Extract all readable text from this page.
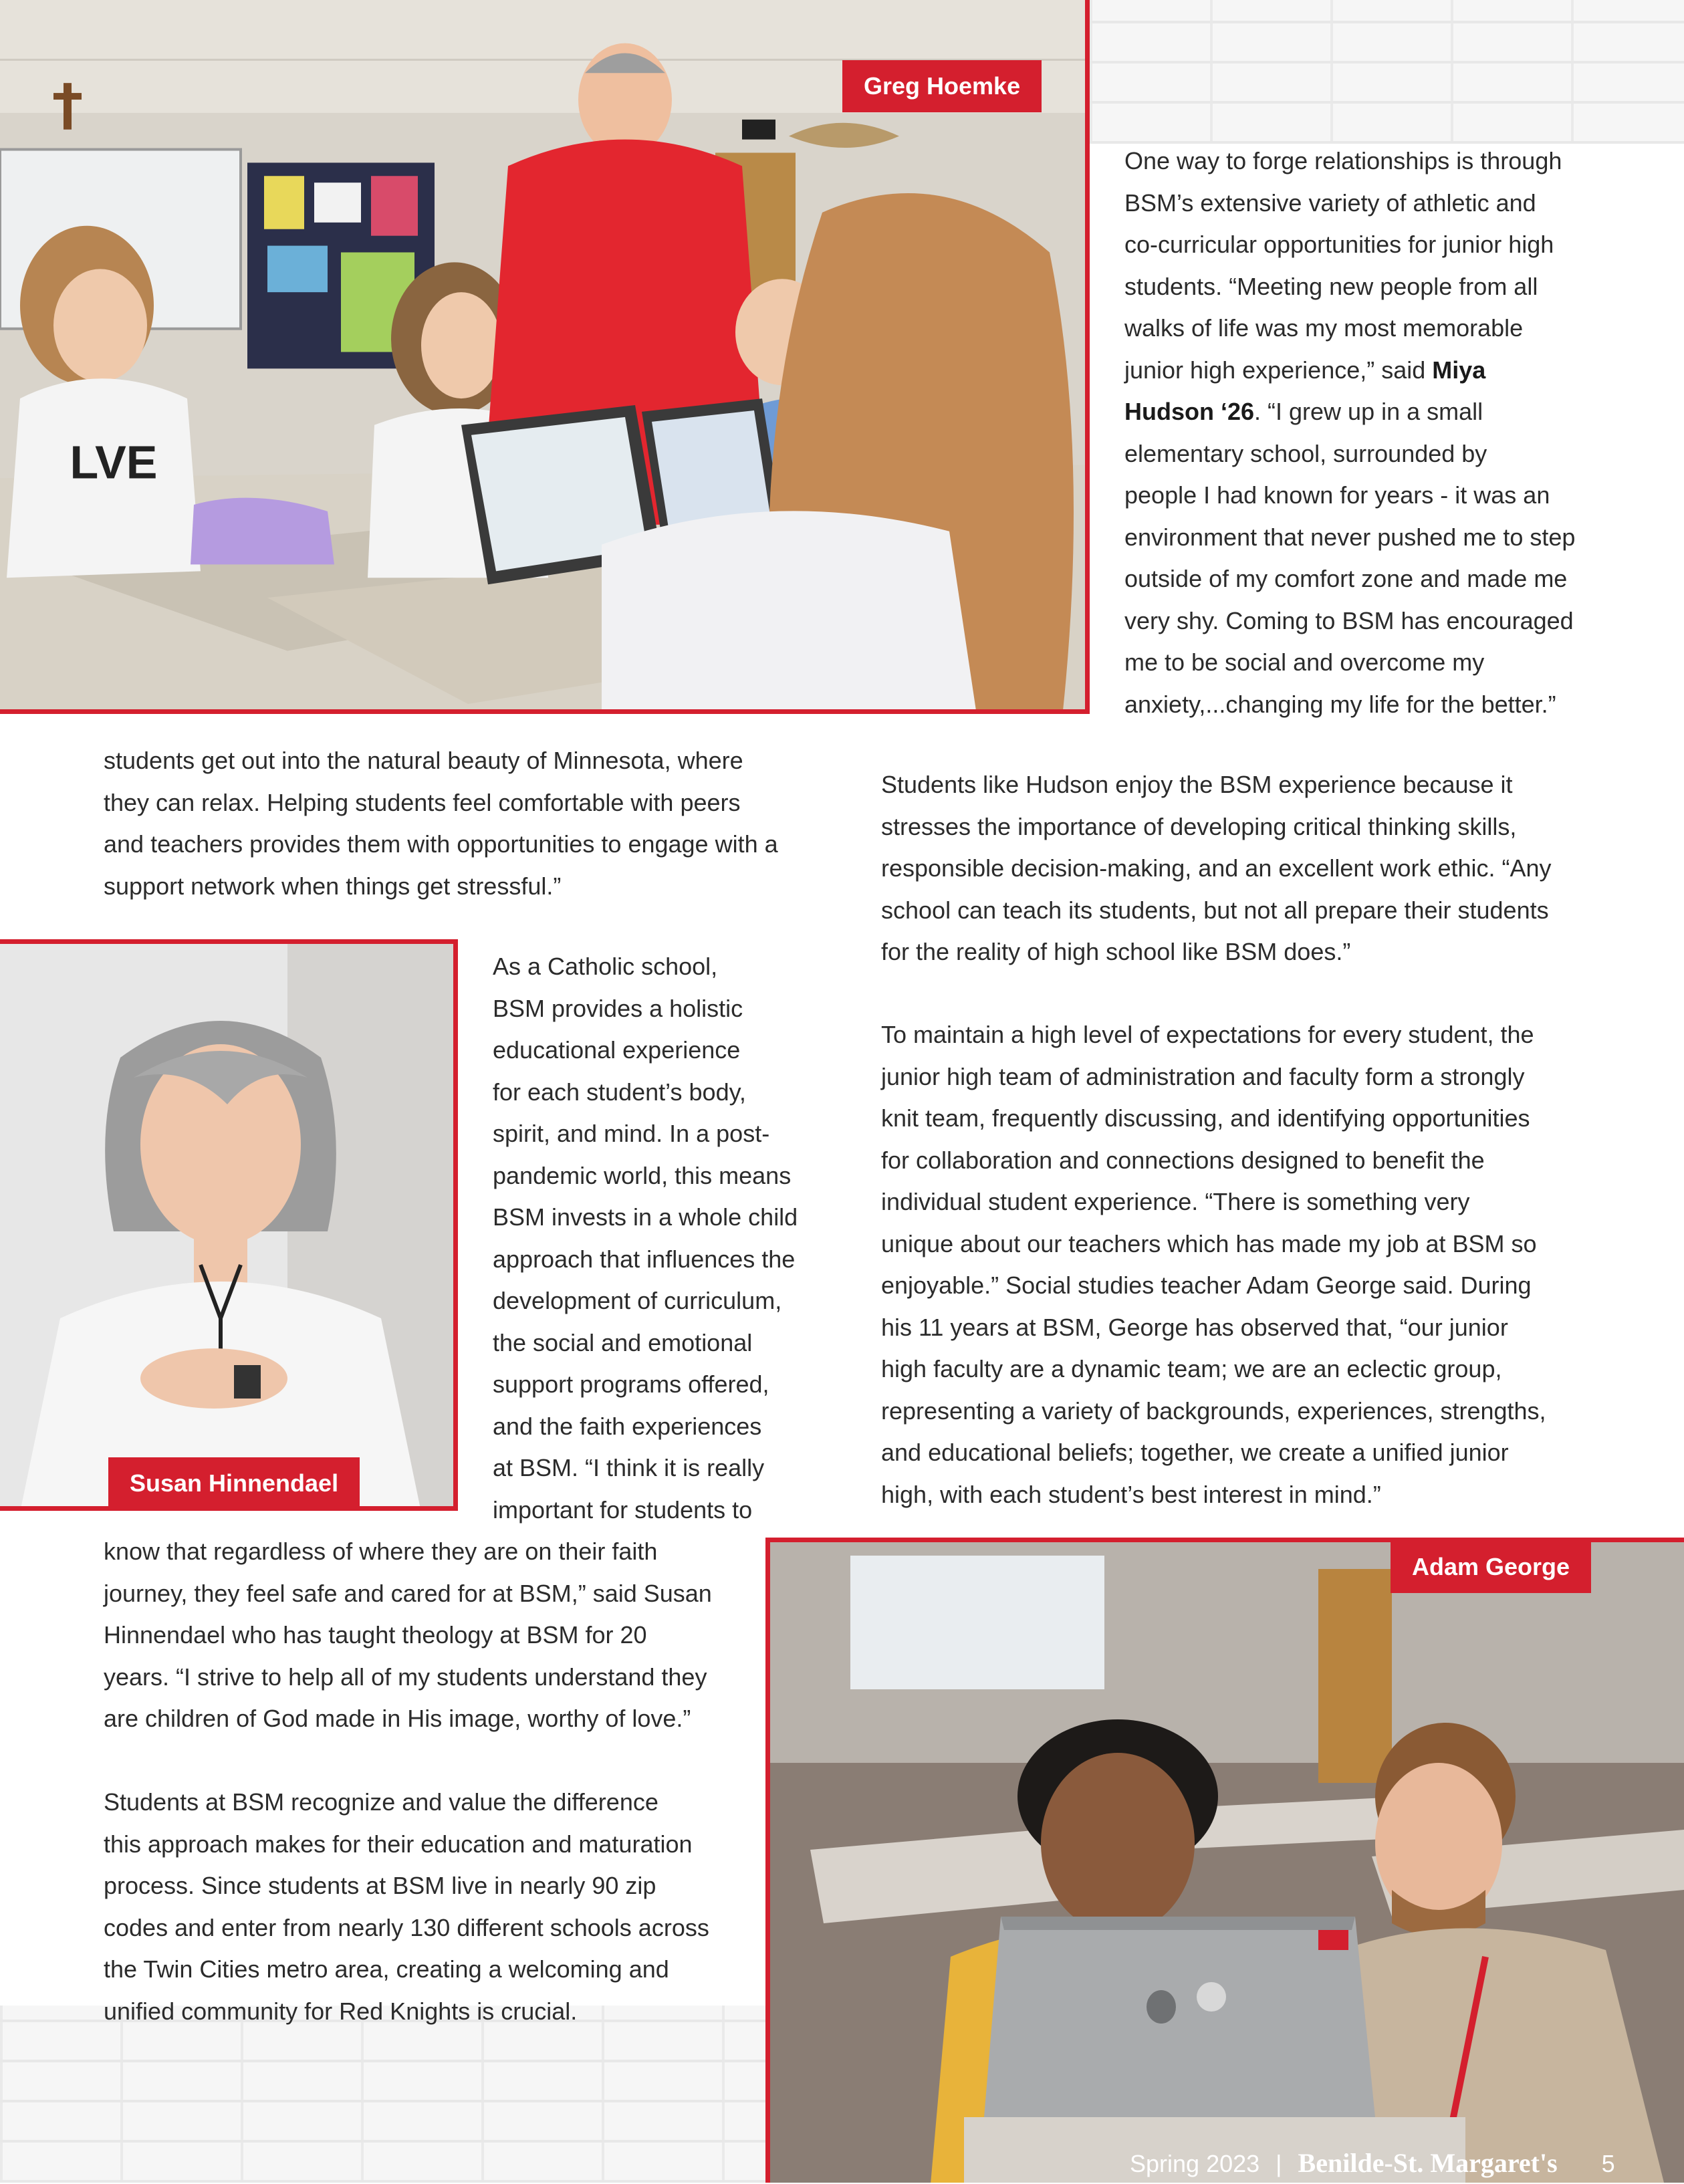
LVE
Greg Hoemke

One way to forge relationships is through
BSM’s extensive variety of athletic and
co-curricular opportunities for junior high
students. “Meeting new people from all
walks of life was my most memorable
junior high experience,” said Miya
Hudson ‘26. “I grew up in a small
elementary school, surrounded by
people I had known for years - it was an
environment that never pushed me to step
outside of my comfort zone and made me
very shy. Coming to BSM has encouraged
me to be social and overcome my
anxiety,...changing my life for the better.”

students get out into the natural beauty of Minnesota, where
they can relax. Helping students feel comfortable with peers
and teachers provides them with opportunities to engage with a
support network when things get stressful.”

Susan Hinnendael

As a Catholic school,
BSM provides a holistic
educational experience
for each student’s body,
spirit, and mind. In a post-
pandemic world, this means
BSM invests in a whole child
approach that influences the
development of curriculum,
the social and emotional
support programs offered,
and the faith experiences
at BSM. “I think it is really
important for students to

know that regardless of where they are on their faith
journey, they feel safe and cared for at BSM,” said Susan
Hinnendael who has taught theology at BSM for 20
years. “I strive to help all of my students understand they
are children of God made in His image, worthy of love.”

Students at BSM recognize and value the difference
this approach makes for their education and maturation
process. Since students at BSM live in nearly 90 zip
codes and enter from nearly 130 different schools across
the Twin Cities metro area, creating a welcoming and
unified community for Red Knights is crucial.

Students like Hudson enjoy the BSM experience because it
stresses the importance of developing critical thinking skills,
responsible decision-making, and an excellent work ethic. “Any
school can teach its students, but not all prepare their students
for the reality of high school like BSM does.”

To maintain a high level of expectations for every student, the
junior high team of administration and faculty form a strongly
knit team, frequently discussing, and identifying opportunities
for collaboration and connections designed to benefit the
individual student experience. “There is something very
unique about our teachers which has made my job at BSM so
enjoyable.” Social studies teacher Adam George said. During
his 11 years at BSM, George has observed that, “our junior
high faculty are a dynamic team; we are an eclectic group,
representing a variety of backgrounds, experiences, strengths,
and educational beliefs; together, we create a unified junior
high, with each student’s best interest in mind.”

Adam George
Spring 2023 | Benilde-St. Margaret's 5
